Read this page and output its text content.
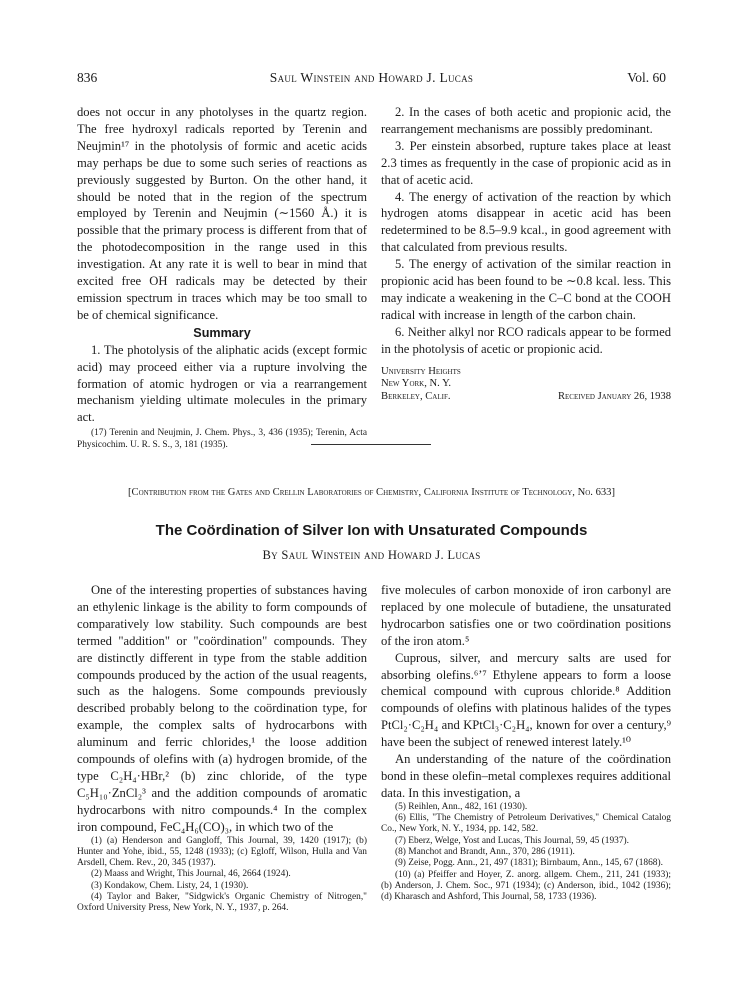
836	Saul Winstein and Howard J. Lucas	Vol. 60

does not occur in any photolyses in the quartz region. The free hydroxyl radicals reported by Terenin and Neujmin¹⁷ in the photolysis of formic and acetic acids may perhaps be due to some such series of reactions as previously suggested by Burton. On the other hand, it should be noted that in the region of the spectrum employed by Terenin and Neujmin (∼1560 Å.) it is possible that the primary process is different from that of the photodecomposition in the range used in this investigation. At any rate it is well to bear in mind that excited free OH radicals may be detected by their emission spectrum in traces which may be too small to be of chemical significance.

Summary

1. The photolysis of the aliphatic acids (except formic acid) may proceed either via a rupture involving the formation of atomic hydrogen or via a rearrangement mechanism yielding ultimate molecules in the primary act.

(17) Terenin and Neujmin, J. Chem. Phys., 3, 436 (1935); Terenin, Acta Physicochim. U. R. S. S., 3, 181 (1935).

2. In the cases of both acetic and propionic acid, the rearrangement mechanisms are possibly predominant.

3. Per einstein absorbed, rupture takes place at least 2.3 times as frequently in the case of propionic acid as in that of acetic acid.

4. The energy of activation of the reaction by which hydrogen atoms disappear in acetic acid has been redetermined to be 8.5–9.9 kcal., in good agreement with that calculated from previous results.

5. The energy of activation of the similar reaction in propionic acid has been found to be ∼0.8 kcal. less. This may indicate a weakening in the C–C bond at the COOH radical with increase in length of the carbon chain.

6. Neither alkyl nor RCO radicals appear to be formed in the photolysis of acetic or propionic acid.

University Heights
New York, N. Y.
Berkeley, Calif.	Received January 26, 1938
[Contribution from the Gates and Crellin Laboratories of Chemistry, California Institute of Technology, No. 633]
The Coördination of Silver Ion with Unsaturated Compounds
By Saul Winstein and Howard J. Lucas

One of the interesting properties of substances having an ethylenic linkage is the ability to form compounds of comparatively low stability. Such compounds are best termed "addition" or "coördination" compounds. They are distinctly different in type from the stable addition compounds produced by the action of the usual reagents, such as the halogens. Some compounds previously described probably belong to the coördination type, for example, the complex salts of hydrocarbons with aluminum and ferric chlorides,¹ the loose addition compounds of olefins with (a) hydrogen bromide, of the type C₂H₄·HBr,² (b) zinc chloride, of the type C₅H₁₀·ZnCl₂³ and the addition compounds of aromatic hydrocarbons with nitro compounds.⁴ In the complex iron compound, FeC₄H₆(CO)₃, in which two of the

(1) (a) Henderson and Gangloff, This Journal, 39, 1420 (1917); (b) Hunter and Yohe, ibid., 55, 1248 (1933); (c) Egloff, Wilson, Hulla and Van Arsdell, Chem. Rev., 20, 345 (1937).

(2) Maass and Wright, This Journal, 46, 2664 (1924).

(3) Kondakow, Chem. Listy, 24, 1 (1930).

(4) Taylor and Baker, "Sidgwick's Organic Chemistry of Nitrogen," Oxford University Press, New York, N. Y., 1937, p. 264.

five molecules of carbon monoxide of iron carbonyl are replaced by one molecule of butadiene, the unsaturated hydrocarbon satisfies one or two coördination positions of the iron atom.⁵

Cuprous, silver, and mercury salts are used for absorbing olefins.⁶ʼ⁷ Ethylene appears to form a loose chemical compound with cuprous chloride.⁸ Addition compounds of olefins with platinous halides of the types PtCl₂·C₂H₄ and KPtCl₃·C₂H₄, known for over a century,⁹ have been the subject of renewed interest lately.¹⁰

An understanding of the nature of the coördination bond in these olefin–metal complexes requires additional data. In this investigation, a

(5) Reihlen, Ann., 482, 161 (1930).

(6) Ellis, "The Chemistry of Petroleum Derivatives," Chemical Catalog Co., New York, N. Y., 1934, pp. 142, 582.

(7) Eberz, Welge, Yost and Lucas, This Journal, 59, 45 (1937).

(8) Manchot and Brandt, Ann., 370, 286 (1911).

(9) Zeise, Pogg. Ann., 21, 497 (1831); Birnbaum, Ann., 145, 67 (1868).

(10) (a) Pfeiffer and Hoyer, Z. anorg. allgem. Chem., 211, 241 (1933); (b) Anderson, J. Chem. Soc., 971 (1934); (c) Anderson, ibid., 1042 (1936); (d) Kharasch and Ashford, This Journal, 58, 1733 (1936).
